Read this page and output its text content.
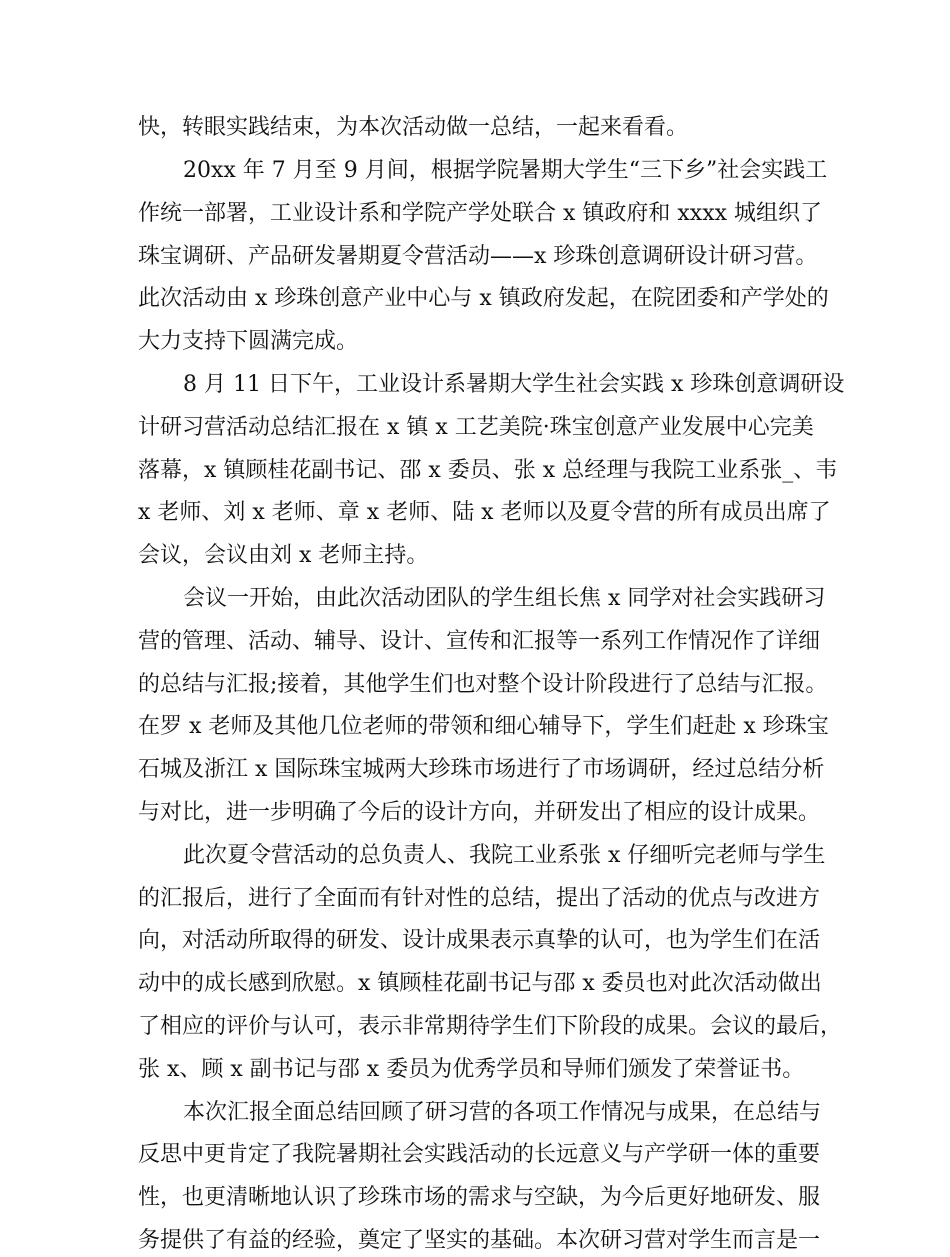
快，转眼实践结束，为本次活动做一总结，一起来看看。
20xx 年 7 月至 9 月间，根据学院暑期大学生“三下乡”社会实践工
作统一部署，工业设计系和学院产学处联合 x 镇政府和 xxxx 城组织了
珠宝调研、产品研发暑期夏令营活动——x 珍珠创意调研设计研习营。
此次活动由 x 珍珠创意产业中心与 x 镇政府发起，在院团委和产学处的
大力支持下圆满完成。
8 月 11 日下午，工业设计系暑期大学生社会实践 x 珍珠创意调研设
计研习营活动总结汇报在 x 镇 x 工艺美院·珠宝创意产业发展中心完美
落幕，x 镇顾桂花副书记、邵 x 委员、张 x 总经理与我院工业系张_、韦
x 老师、刘 x 老师、章 x 老师、陆 x 老师以及夏令营的所有成员出席了
会议，会议由刘 x 老师主持。
会议一开始，由此次活动团队的学生组长焦 x 同学对社会实践研习
营的管理、活动、辅导、设计、宣传和汇报等一系列工作情况作了详细
的总结与汇报;接着，其他学生们也对整个设计阶段进行了总结与汇报。
在罗 x 老师及其他几位老师的带领和细心辅导下，学生们赶赴 x 珍珠宝
石城及浙江 x 国际珠宝城两大珍珠市场进行了市场调研，经过总结分析
与对比，进一步明确了今后的设计方向，并研发出了相应的设计成果。
此次夏令营活动的总负责人、我院工业系张 x 仔细听完老师与学生
的汇报后，进行了全面而有针对性的总结，提出了活动的优点与改进方
向，对活动所取得的研发、设计成果表示真挚的认可，也为学生们在活
动中的成长感到欣慰。x 镇顾桂花副书记与邵 x 委员也对此次活动做出
了相应的评价与认可，表示非常期待学生们下阶段的成果。会议的最后，
张 x、顾 x 副书记与邵 x 委员为优秀学员和导师们颁发了荣誉证书。
本次汇报全面总结回顾了研习营的各项工作情况与成果，在总结与
反思中更肯定了我院暑期社会实践活动的长远意义与产学研一体的重要
性，也更清晰地认识了珍珠市场的需求与空缺，为今后更好地研发、服
务提供了有益的经验，奠定了坚实的基础。本次研习营对学生而言是一
